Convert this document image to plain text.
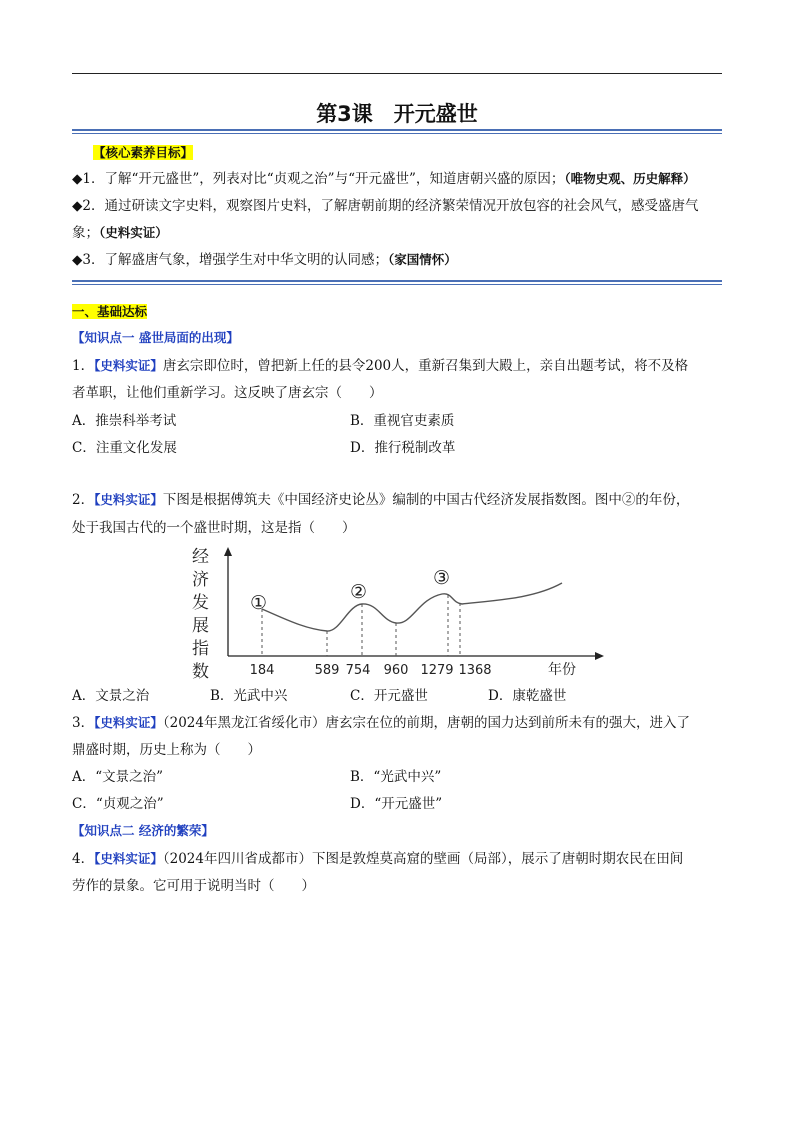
第3课　开元盛世
【核心素养目标】
◆1．了解“开元盛世”，列表对比“贞观之治”与“开元盛世”，知道唐朝兴盛的原因；（唯物史观、历史解释）
◆2．通过研读文字史料，观察图片史料，了解唐朝前期的经济繁荣情况开放包容的社会风气，感受盛唐气
象；（史料实证）
◆3．了解盛唐气象，增强学生对中华文明的认同感；（家国情怀）
一、基础达标
【知识点一 盛世局面的出现】
1．【史料实证】唐玄宗即位时，曾把新上任的县令200人，重新召集到大殿上，亲自出题考试，将不及格
者革职，让他们重新学习。这反映了唐玄宗（　　）
A．推崇科举考试	B．重视官吏素质
C．注重文化发展	D．推行税制改革
2．【史料实证】下图是根据傅筑夫《中国经济史论丛》编制的中国古代经济发展指数图。图中②的年份，
处于我国古代的一个盛世时期，这是指（　　）
经
济
发
展
指
数
①	②
③
184	589 754 960 1279 1368	年份
A．文景之治	B．光武中兴	C．开元盛世	D．康乾盛世
3．【史料实证】（2024年黑龙江省绥化市）唐玄宗在位的前期，唐朝的国力达到前所未有的强大，进入了
鼎盛时期，历史上称为（　　）
A．“文景之治”	B．“光武中兴”
C．“贞观之治”	D．“开元盛世”
【知识点二 经济的繁荣】
4．【史料实证】（2024年四川省成都市）下图是敦煌莫高窟的壁画（局部），展示了唐朝时期农民在田间
劳作的景象。它可用于说明当时（　　）
